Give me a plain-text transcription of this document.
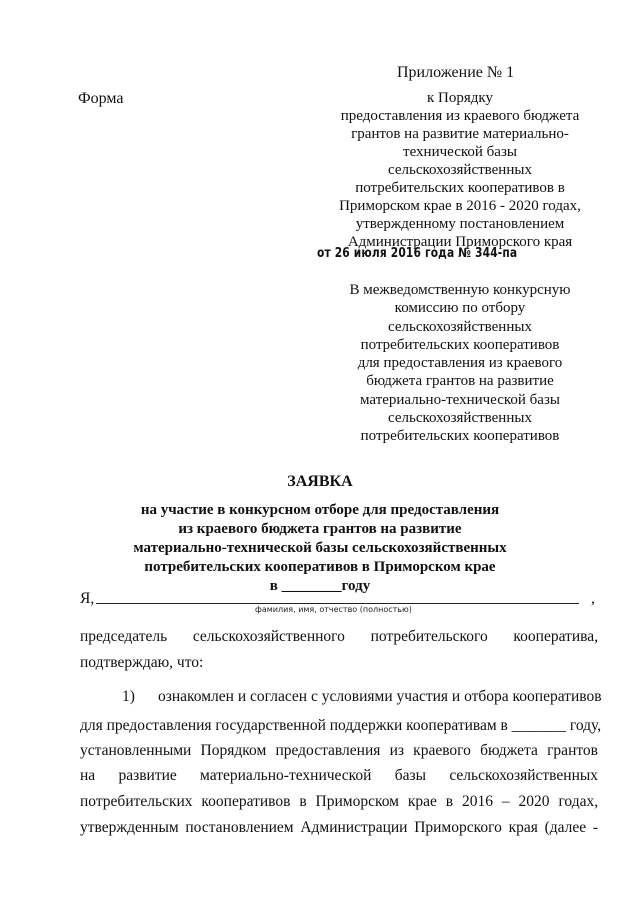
Приложение № 1
Форма	к Порядку
предоставления из краевого бюджета
грантов на развитие материально-
технической базы
сельскохозяйственных
потребительских кооперативов в
Приморском крае в 2016 - 2020 годах,
утвержденному постановлением
Администрации Приморского края
от 26 июля 2016 года № 344-па
В межведомственную конкурсную
комиссию по отбору
сельскохозяйственных
потребительских кооперативов
для предоставления из краевого
бюджета грантов на развитие
материально-технической базы
сельскохозяйственных
потребительских кооперативов
ЗАЯВКА
на участие в конкурсном отборе для предоставления
из краевого бюджета грантов на развитие
материально-технической базы сельскохозяйственных
потребительских кооперативов в Приморском крае
в ________году
Я,	,
фамилия, имя, отчество (полностью)
председатель сельскохозяйственного потребительского кооператива,
подтверждаю, что:
1) ознакомлен и согласен с условиями участия и отбора кооперативов
для предоставления государственной поддержки кооперативам в _______ году,
установленными Порядком предоставления из краевого бюджета грантов
на развитие материально-технической базы сельскохозяйственных
потребительских кооперативов в Приморском крае в 2016 – 2020 годах,
утвержденным постановлением Администрации Приморского края (далее -
